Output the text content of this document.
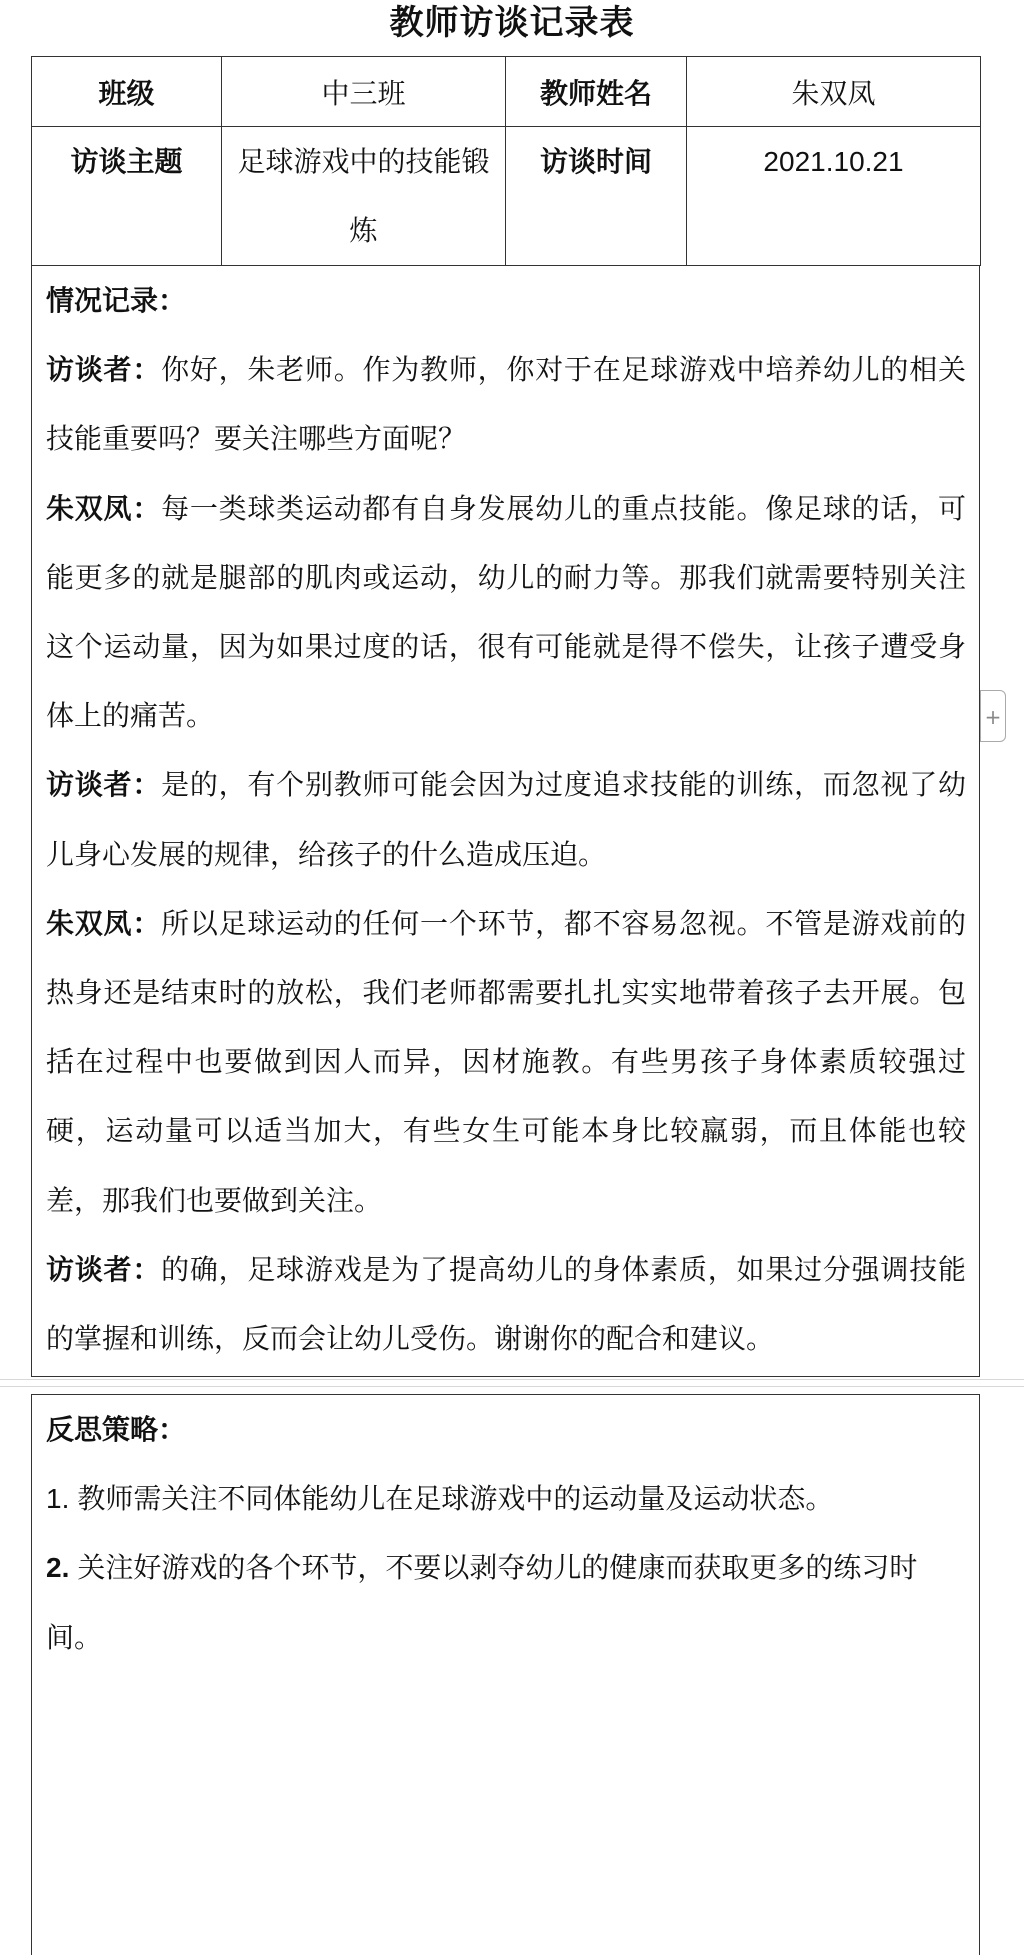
教师访谈记录表
班级	中三班	教师姓名	朱双凤
访谈主题	足球游戏中的技能锻炼	访谈时间	2021.10.21

情况记录：

访谈者：你好，朱老师。作为教师，你对于在足球游戏中培养幼儿的相关技能重要吗？要关注哪些方面呢？

朱双凤：每一类球类运动都有自身发展幼儿的重点技能。像足球的话，可能更多的就是腿部的肌肉或运动，幼儿的耐力等。那我们就需要特别关注这个运动量，因为如果过度的话，很有可能就是得不偿失，让孩子遭受身体上的痛苦。

访谈者：是的，有个别教师可能会因为过度追求技能的训练，而忽视了幼儿身心发展的规律，给孩子的什么造成压迫。

朱双凤：所以足球运动的任何一个环节，都不容易忽视。不管是游戏前的热身还是结束时的放松，我们老师都需要扎扎实实地带着孩子去开展。包括在过程中也要做到因人而异，因材施教。有些男孩子身体素质较强过硬，运动量可以适当加大，有些女生可能本身比较羸弱，而且体能也较差，那我们也要做到关注。

访谈者：的确，足球游戏是为了提高幼儿的身体素质，如果过分强调技能的掌握和训练，反而会让幼儿受伤。谢谢你的配合和建议。

反思策略：

1. 教师需关注不同体能幼儿在足球游戏中的运动量及运动状态。

2. 关注好游戏的各个环节，不要以剥夺幼儿的健康而获取更多的练习时间。

+
